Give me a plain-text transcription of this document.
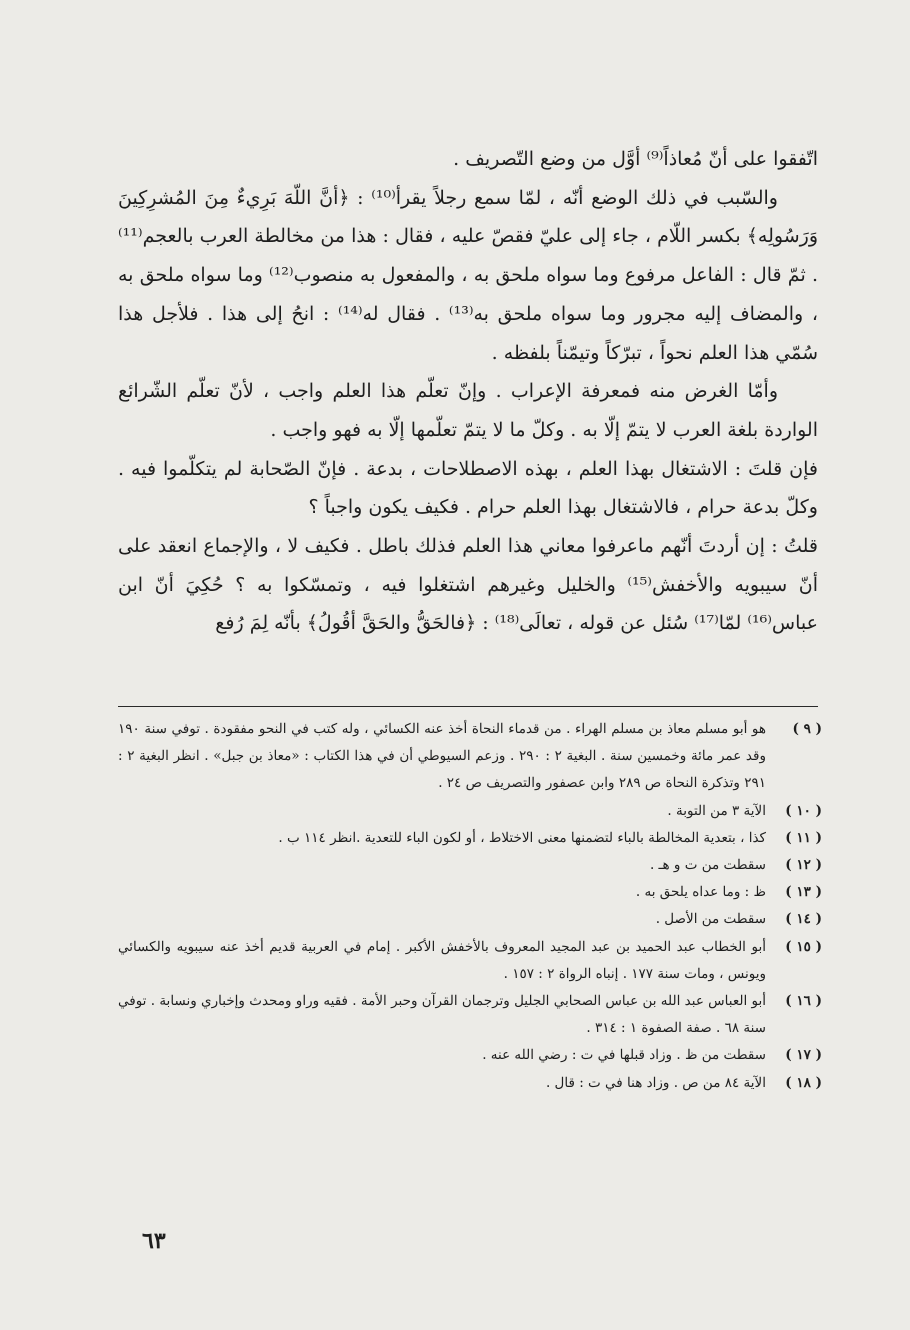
اتّفقوا على أنّ مُعاذاً⁽⁹⁾ أوَّل من وضع التّصريف .

والسّبب في ذلك الوضع أنّه ، لمّا سمع رجلاً يقرأ⁽¹⁰⁾ : ﴿أنَّ اللّهَ بَرِيءٌ مِنَ المُشرِكِينَ وَرَسُولِه﴾ بكسر اللّام ، جاء إلى عليّ فقصّ عليه ، فقال : هذا من مخالطة العرب بالعجم⁽¹¹⁾ . ثمّ قال : الفاعل مرفوع وما سواه ملحق به ، والمفعول به منصوب⁽¹²⁾ وما سواه ملحق به ، والمضاف إليه مجرور وما سواه ملحق به⁽¹³⁾ . فقال له⁽¹⁴⁾ : انحُ إلى هذا . فلأجل هذا سُمّي هذا العلم نحواً ، تبرّكاً وتيمّناً بلفظه .

وأمّا الغرض منه فمعرفة الإعراب . وإنّ تعلّم هذا العلم واجب ، لأنّ تعلّم الشّرائع الواردة بلغة العرب لا يتمّ إلّا به . وكلّ ما لا يتمّ تعلّمها إلّا به فهو واجب .

فإن قلتَ : الاشتغال بهذا العلم ، بهذه الاصطلاحات ، بدعة . فإنّ الصّحابة لم يتكلّموا فيه . وكلّ بدعة حرام ، فالاشتغال بهذا العلم حرام . فكيف يكون واجباً ؟

قلتُ : إن أردتَ أنّهم ماعرفوا معاني هذا العلم فذلك باطل . فكيف لا ، والإجماع انعقد على أنّ سيبويه والأخفش⁽¹⁵⁾ والخليل وغيرهم اشتغلوا فيه ، وتمسّكوا به ؟ حُكِيَ أنّ ابن عباس⁽¹⁶⁾ لمّا⁽¹⁷⁾ سُئل عن قوله ، تعالَى⁽¹⁸⁾ : ﴿فالحَقُّ والحَقَّ أقُولُ﴾ بأنّه لِمَ رُفع

( ٩ )
هو أبو مسلم معاذ بن مسلم الهراء . من قدماء النحاة أخذ عنه الكسائي ، وله كتب في النحو مفقودة . توفي سنة ١٩٠ وقد عمر مائة وخمسين سنة . البغية ٢ : ٢٩٠ . وزعم السيوطي أن في هذا الكتاب : «معاذ بن جبل» . انظر البغية ٢ : ٢٩١ وتذكرة النحاة ص ٢٨٩ وابن عصفور والتصريف ص ٢٤ .
( ١٠ )
الآية ٣ من التوبة .
( ١١ )
كذا ، بتعدية المخالطة بالباء لتضمنها معنى الاختلاط ، أو لكون الباء للتعدية .انظر ١١٤ ب .
( ١٢ )
سقطت من ت و هـ .
( ١٣ )
ظ : وما عداه يلحق به .
( ١٤ )
سقطت من الأصل .
( ١٥ )
أبو الخطاب عبد الحميد بن عبد المجيد المعروف بالأخفش الأكبر . إمام في العربية قديم أخذ عنه سيبويه والكسائي ويونس ، ومات سنة ١٧٧ . إنباه الرواة ٢ : ١٥٧ .
( ١٦ )
أبو العباس عبد الله بن عباس الصحابي الجليل وترجمان القرآن وحبر الأمة . فقيه وراو ومحدث وإخباري ونسابة . توفي سنة ٦٨ . صفة الصفوة ١ : ٣١٤ .
( ١٧ )
سقطت من ظ . وزاد قبلها في ت : رضي الله عنه .
( ١٨ )
الآية ٨٤ من ص . وزاد هنا في ت : قال .
٦٣
